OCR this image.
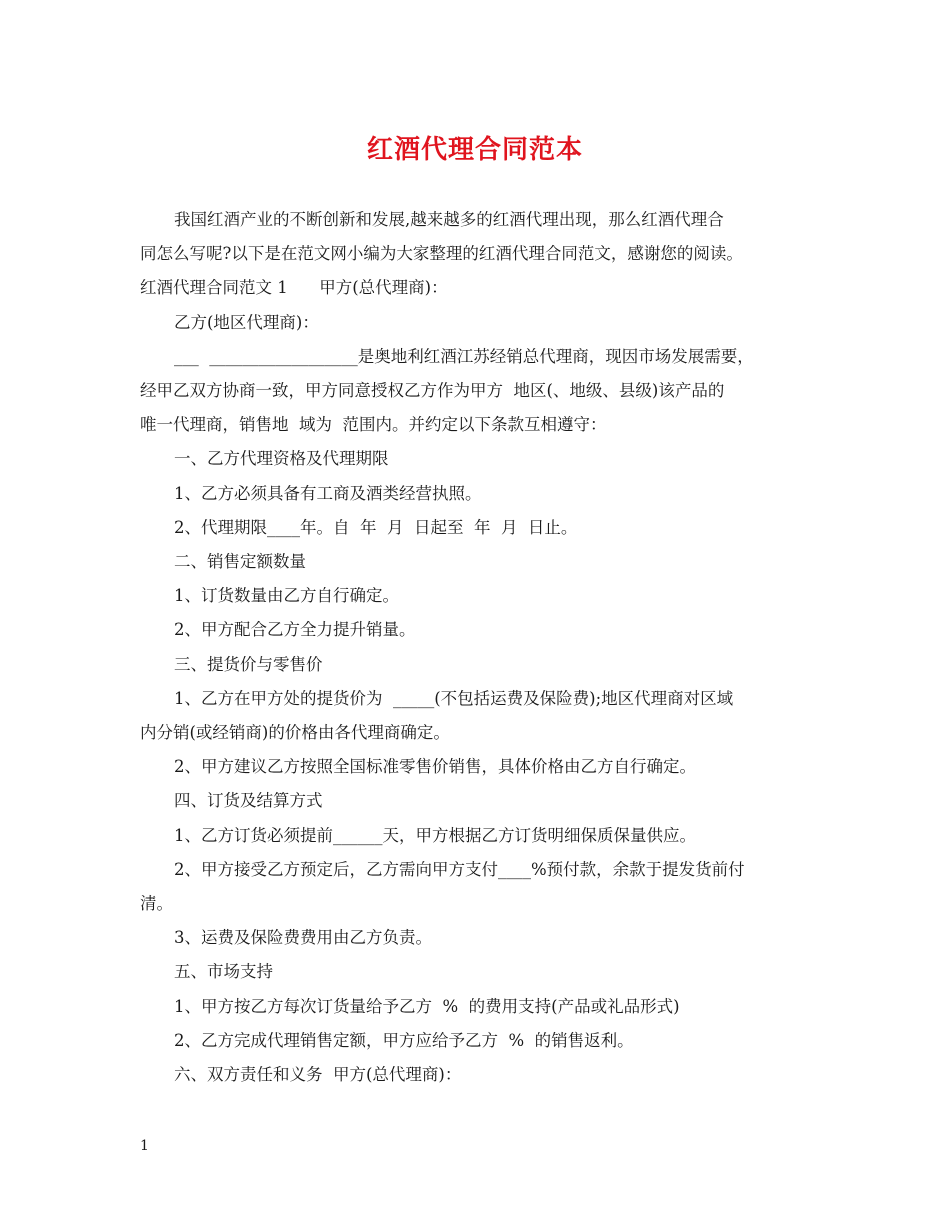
红酒代理合同范本

我国红酒产业的不断创新和发展,越来越多的红酒代理出现，那么红酒代理合

同怎么写呢?以下是在范文网小编为大家整理的红酒代理合同范文，感谢您的阅读。

红酒代理合同范文 1      甲方(总代理商)：

乙方(地区代理商)：

___  __________________是奥地利红酒江苏经销总代理商，现因市场发展需要，

经甲乙双方协商一致，甲方同意授权乙方作为甲方  地区(、地级、县级)该产品的

唯一代理商，销售地  域为  范围内。并约定以下条款互相遵守：

一、乙方代理资格及代理期限

1、乙方必须具备有工商及酒类经营执照。

2、代理期限____年。自  年  月  日起至  年  月  日止。

二、销售定额数量

1、订货数量由乙方自行确定。

2、甲方配合乙方全力提升销量。

三、提货价与零售价

1、乙方在甲方处的提货价为  _____(不包括运费及保险费);地区代理商对区域

内分销(或经销商)的价格由各代理商确定。

2、甲方建议乙方按照全国标准零售价销售，具体价格由乙方自行确定。

四、订货及结算方式

1、乙方订货必须提前______天，甲方根据乙方订货明细保质保量供应。

2、甲方接受乙方预定后，乙方需向甲方支付____%预付款，余款于提发货前付

清。

3、运费及保险费费用由乙方负责。

五、市场支持

1、甲方按乙方每次订货量给予乙方  %  的费用支持(产品或礼品形式)

2、乙方完成代理销售定额，甲方应给予乙方  %  的销售返利。

六、双方责任和义务  甲方(总代理商)：

1
